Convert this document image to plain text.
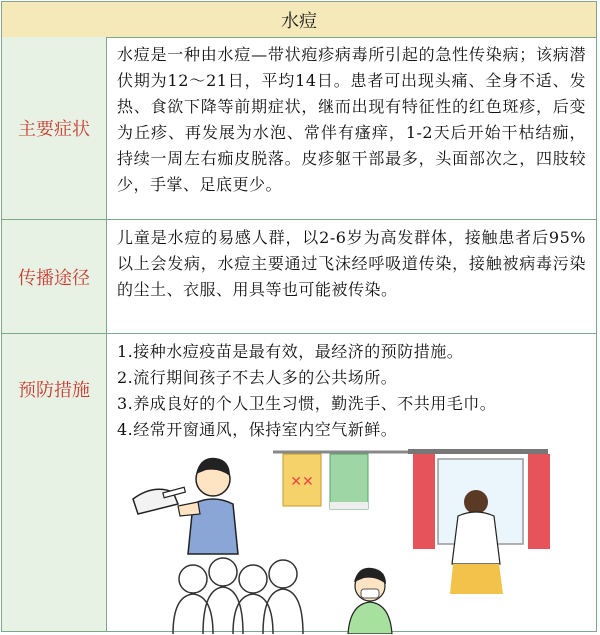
水痘
主要症状
水痘是一种由水痘—带状疱疹病毒所引起的急性传染病；该病潜伏期为12～21日，平均14日。患者可出现头痛、全身不适、发热、食欲下降等前期症状，继而出现有特征性的红色斑疹，后变为丘疹、再发展为水泡、常伴有瘙痒，1-2天后开始干枯结痂，持续一周左右痂皮脱落。皮疹躯干部最多，头面部次之，四肢较少，手掌、足底更少。
传播途径
儿童是水痘的易感人群，以2-6岁为高发群体，接触患者后95%以上会发病，水痘主要通过飞沫经呼吸道传染，接触被病毒污染的尘土、衣服、用具等也可能被传染。
预防措施

1.接种水痘疫苗是最有效，最经济的预防措施。

2.流行期间孩子不去人多的公共场所。

3.养成良好的个人卫生习惯，勤洗手、不共用毛巾。

4.经常开窗通风，保持室内空气新鲜。

✕✕
